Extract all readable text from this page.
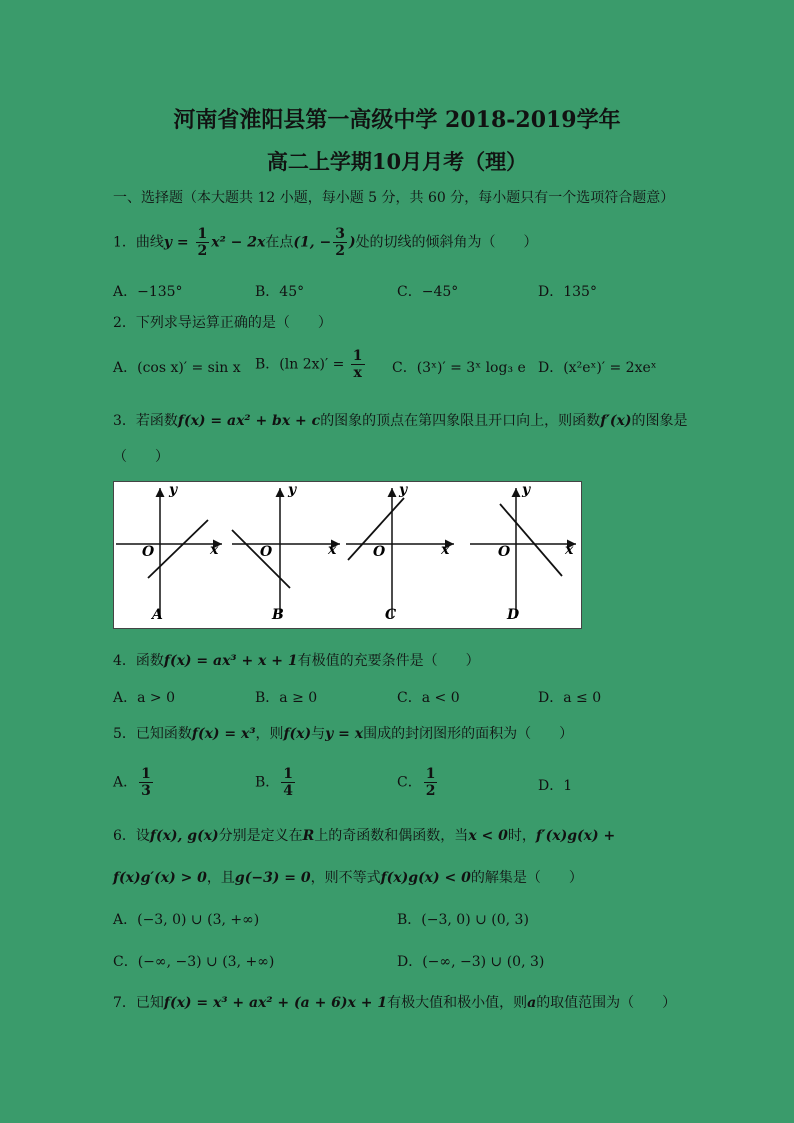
河南省淮阳县第一高级中学 2018-2019学年
高二上学期10月月考（理）
一、选择题（本大题共 12 小题，每小题 5 分，共 60 分，每小题只有一个选项符合题意）
1．曲线$y = \frac{1}{2} x^2 - 2x$在点(1, − $\frac{3}{2}$ )处的切线的倾斜角为（　　）
A．−135°	B．45°	C．−45°	D．135°
2．下列求导运算正确的是（　　）
A．(cos x)′ = sin x B．(ln $2x)' = \frac{1}{x}$ C．(3ˣ)′ = 3ˣ log₃ e D．(x²eˣ)′ = 2xeˣ
3．若函数f(x) = ax² + bx + c的图象的顶点在第四象限且开口向上，则函数f′(x)的图象是
（　　）
y
x
O
A
y
x
O
B
y
x
O
C
y
x
O
D
4．函数f(x) = ax³ + x + 1有极值的充要条件是（　　）
A．a > 0	B．a ≥ 0	C．a < 0	D．a ≤ 0
5．已知函数f(x) = x³，则f(x)与y = x围成的封闭图形的面积为（　　）
A． $\frac{1}{3}$	B． $\frac{1}{4}$	C． $\frac{1}{2}$	D．1
6．设f(x), g(x)分别是定义在R上的奇函数和偶函数，当x < 0时，f′(x)g(x) +
f(x)g′(x) > 0，且g(−3) = 0，则不等式f(x)g(x) < 0的解集是（　　）
A．(−3, 0) ∪ (3, +∞)	B．(−3, 0) ∪ (0, 3)
C．(−∞, −3) ∪ (3, +∞)	D．(−∞, −3) ∪ (0, 3)
7．已知f(x) = x³ + ax² + (a + 6)x + 1有极大值和极小值，则a的取值范围为（　　）
